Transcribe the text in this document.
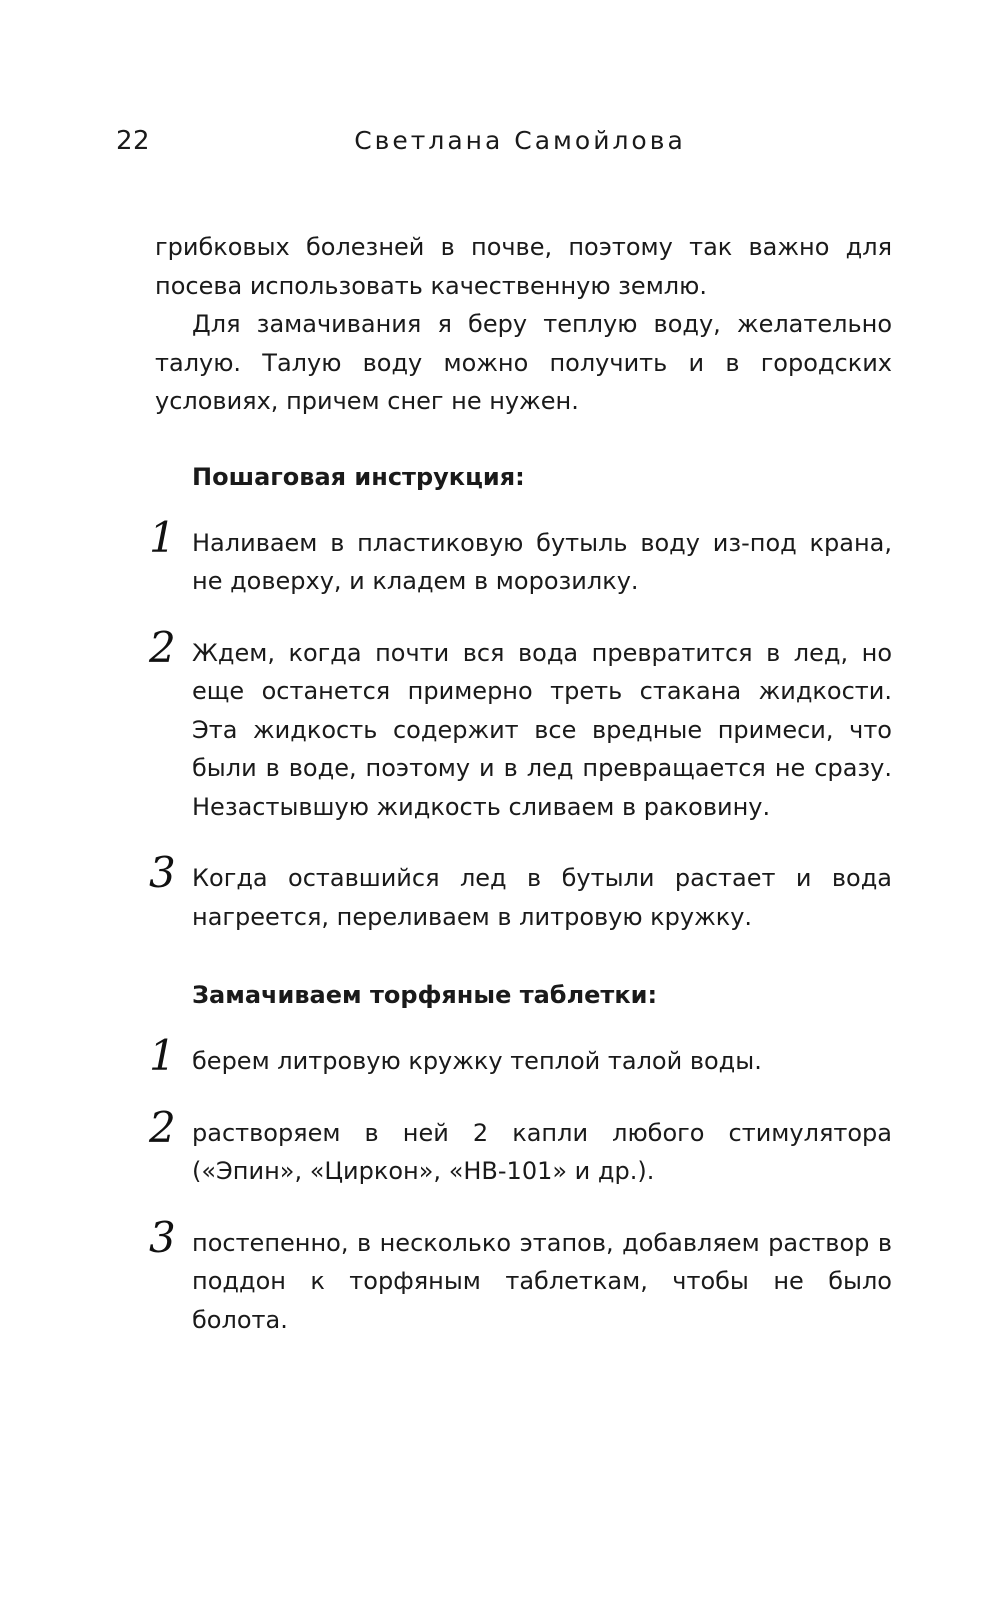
22	Светлана Самойлова

грибковых болезней в почве, поэтому так важно для посева использовать качественную землю.

Для замачивания я беру теплую воду, желательно талую. Талую воду можно получить и в городских условиях, причем снег не нужен.

Пошаговая инструкция:

1 Наливаем в пластиковую бутыль воду из-под крана, не доверху, и кладем в морозилку.

2 Ждем, когда почти вся вода превратится в лед, но еще останется примерно треть стакана жидкости. Эта жидкость содержит все вредные примеси, что были в воде, поэтому и в лед превращается не сразу. Незастывшую жидкость сливаем в раковину.

3 Когда оставшийся лед в бутыли растает и вода нагреется, переливаем в литровую кружку.

Замачиваем торфяные таблетки:

1 берем литровую кружку теплой талой воды.

2 растворяем в ней 2 капли любого стимулятора («Эпин», «Циркон», «НВ-101» и др.).

3 постепенно, в несколько этапов, добавляем раствор в поддон к торфяным таблеткам, чтобы не было болота.
